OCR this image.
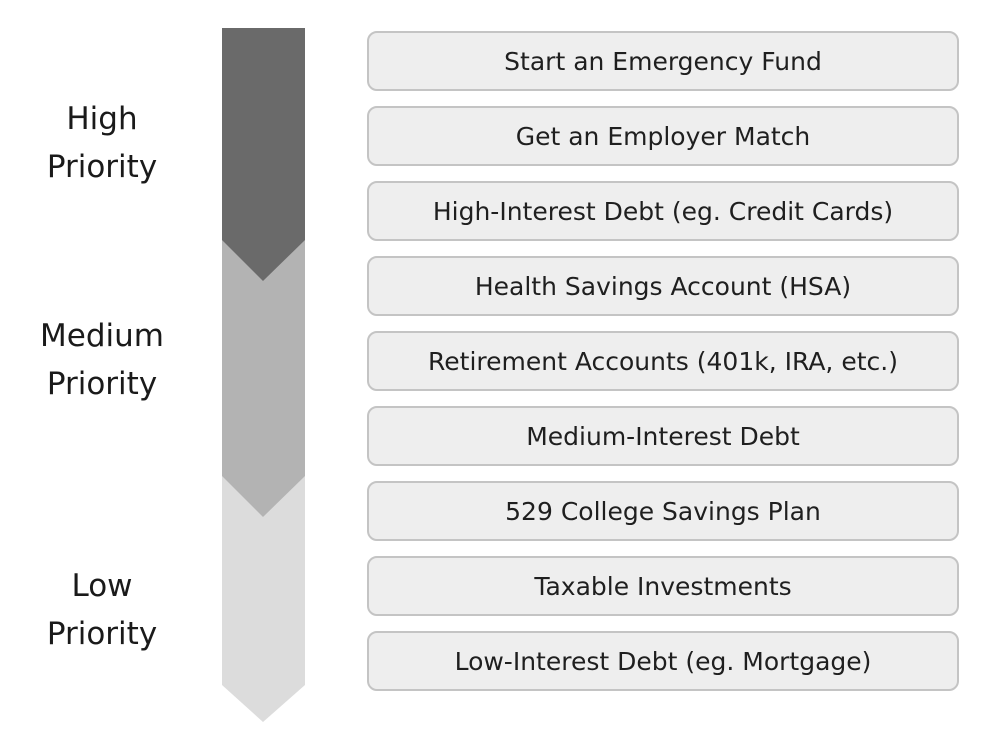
High
Priority
Medium
Priority
Low
Priority
Start an Emergency Fund
Get an Employer Match
High-Interest Debt (eg. Credit Cards)
Health Savings Account (HSA)
Retirement Accounts (401k, IRA, etc.)
Medium-Interest Debt
529 College Savings Plan
Taxable Investments
Low-Interest Debt (eg. Mortgage)
